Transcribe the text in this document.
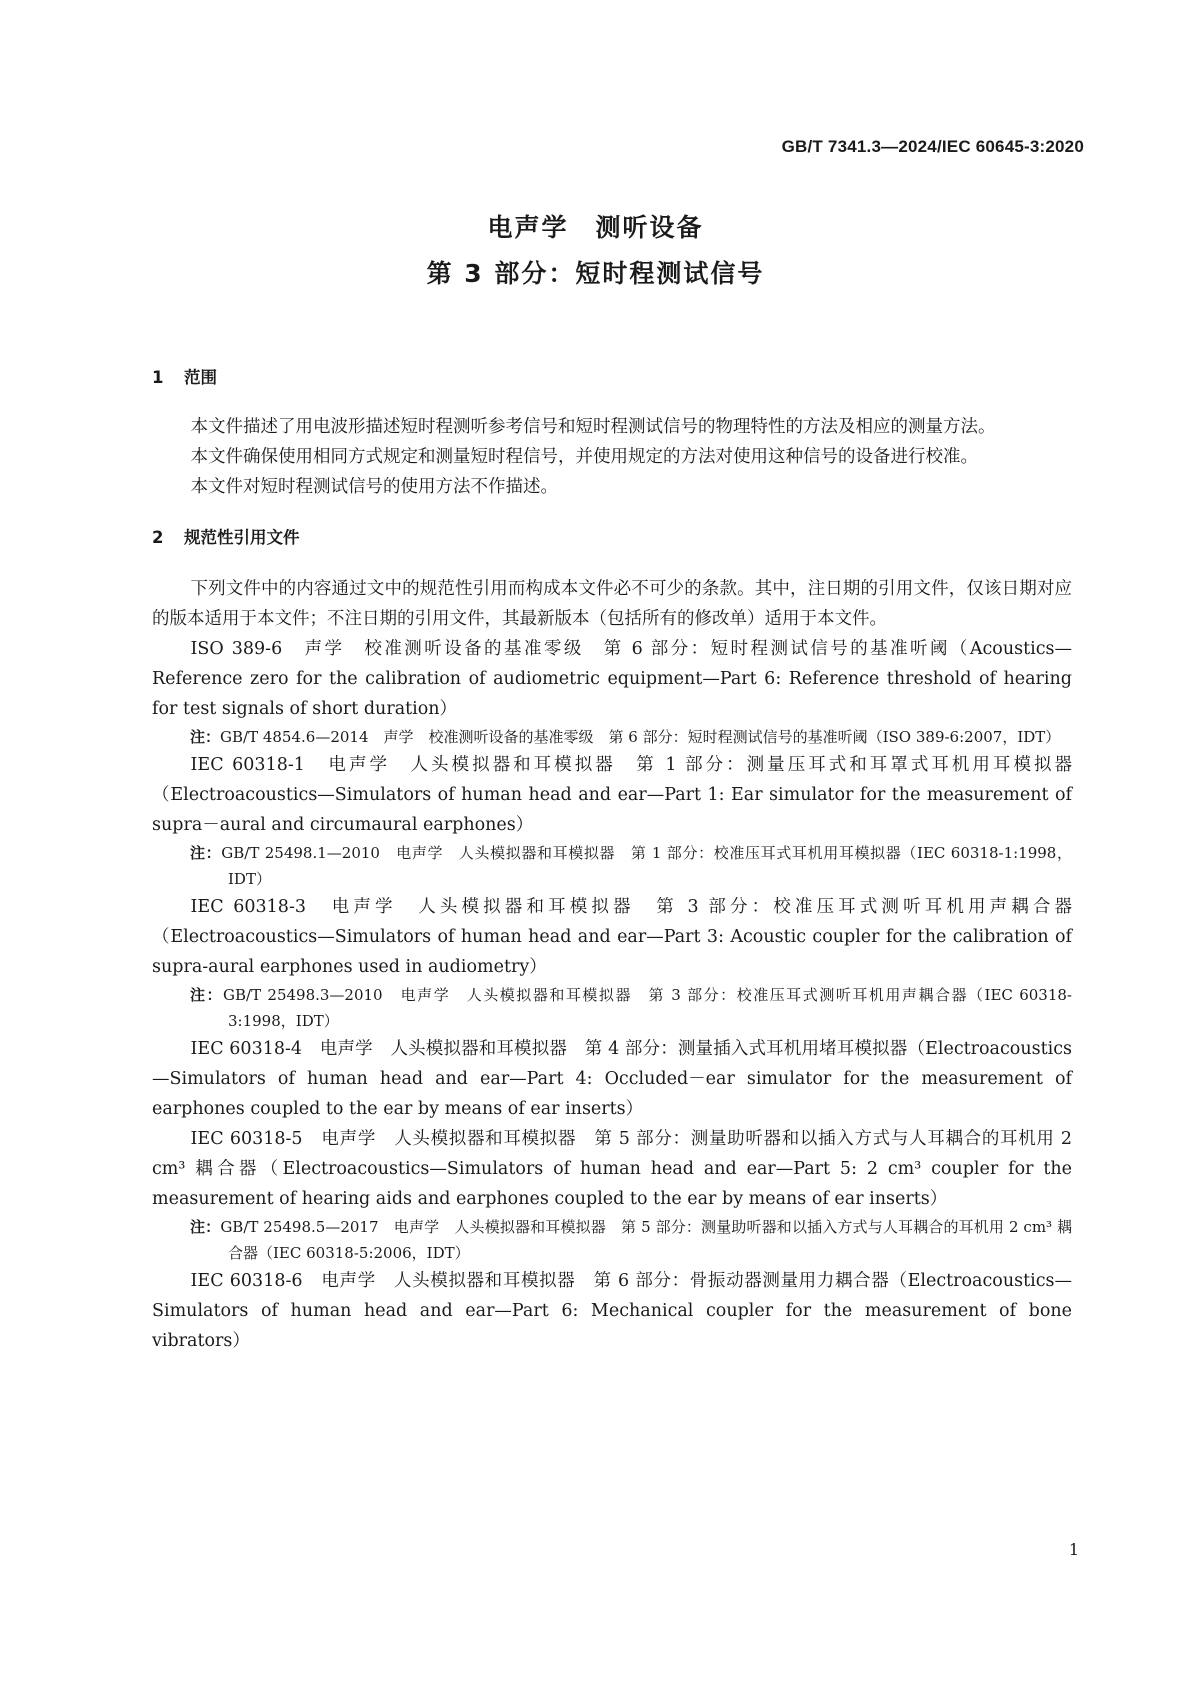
GB/T 7341.3—2024/IEC 60645-3:2020
电声学　测听设备
第 3 部分：短时程测试信号

1 范围

本文件描述了用电波形描述短时程测听参考信号和短时程测试信号的物理特性的方法及相应的测量方法。

本文件确保使用相同方式规定和测量短时程信号，并使用规定的方法对使用这种信号的设备进行校准。

本文件对短时程测试信号的使用方法不作描述。

2 规范性引用文件

下列文件中的内容通过文中的规范性引用而构成本文件必不可少的条款。其中，注日期的引用文件，仅该日期对应的版本适用于本文件；不注日期的引用文件，其最新版本（包括所有的修改单）适用于本文件。

ISO 389-6　声学　校准测听设备的基准零级　第 6 部分：短时程测试信号的基准听阈（Acoustics—Reference zero for the calibration of audiometric equipment—Part 6: Reference threshold of hearing for test signals of short duration）

注：GB/T 4854.6—2014　声学　校准测听设备的基准零级　第 6 部分：短时程测试信号的基准听阈（ISO 389-6:2007，IDT）

IEC 60318-1　电声学　人头模拟器和耳模拟器　第 1 部分：测量压耳式和耳罩式耳机用耳模拟器（Electroacoustics—Simulators of human head and ear—Part 1: Ear simulator for the measurement of supra－aural and circumaural earphones）

注：GB/T 25498.1—2010　电声学　人头模拟器和耳模拟器　第 1 部分：校准压耳式耳机用耳模拟器（IEC 60318-1:1998，IDT）

IEC 60318-3　电声学　人头模拟器和耳模拟器　第 3 部分：校准压耳式测听耳机用声耦合器（Electroacoustics—Simulators of human head and ear—Part 3: Acoustic coupler for the calibration of supra-aural earphones used in audiometry）

注：GB/T 25498.3—2010　电声学　人头模拟器和耳模拟器　第 3 部分：校准压耳式测听耳机用声耦合器（IEC 60318-3:1998，IDT）

IEC 60318-4　电声学　人头模拟器和耳模拟器　第 4 部分：测量插入式耳机用堵耳模拟器（Electroacoustics—Simulators of human head and ear—Part 4: Occluded－ear simulator for the measurement of earphones coupled to the ear by means of ear inserts）

IEC 60318-5　电声学　人头模拟器和耳模拟器　第 5 部分：测量助听器和以插入方式与人耳耦合的耳机用 2 cm³ 耦合器（Electroacoustics—Simulators of human head and ear—Part 5: 2 cm³ coupler for the measurement of hearing aids and earphones coupled to the ear by means of ear inserts）

注：GB/T 25498.5—2017　电声学　人头模拟器和耳模拟器　第 5 部分：测量助听器和以插入方式与人耳耦合的耳机用 2 cm³ 耦合器（IEC 60318-5:2006，IDT）

IEC 60318-6　电声学　人头模拟器和耳模拟器　第 6 部分：骨振动器测量用力耦合器（Electroacoustics—Simulators of human head and ear—Part 6: Mechanical coupler for the measurement of bone vibrators）

1
